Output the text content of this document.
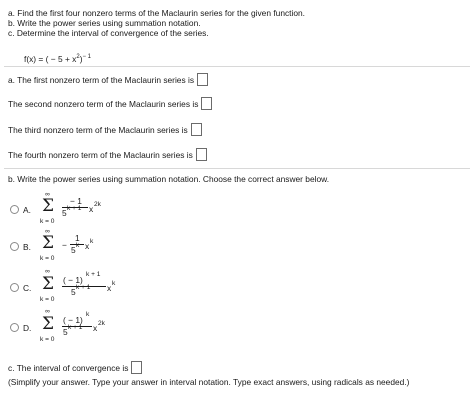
a. Find the first four nonzero terms of the Maclaurin series for the given function.
b. Write the power series using summation notation.
c. Determine the interval of convergence of the series.
f(x) = ( − $5 + x^2)^{- 1}$
a. The first nonzero term of the Maclaurin series is
The second nonzero term of the Maclaurin series is
The third nonzero term of the Maclaurin series is
The fourth nonzero term of the Maclaurin series is
b. Write the power series using summation notation. Choose the correct answer below.
A.
∞
Σ
k = 0
− 1
5 k + 1 x 2k
B.
∞
Σ
k = 0
−
1
5 k x k
C.
∞
Σ
k = 0
( − 1)
k + 1
5 k + 1 x k
D.
∞
Σ
k = 0
( − 1)
k
5 k + 1 x 2k
c. The interval of convergence is
(Simplify your answer. Type your answer in interval notation. Type exact answers, using radicals as needed.)
